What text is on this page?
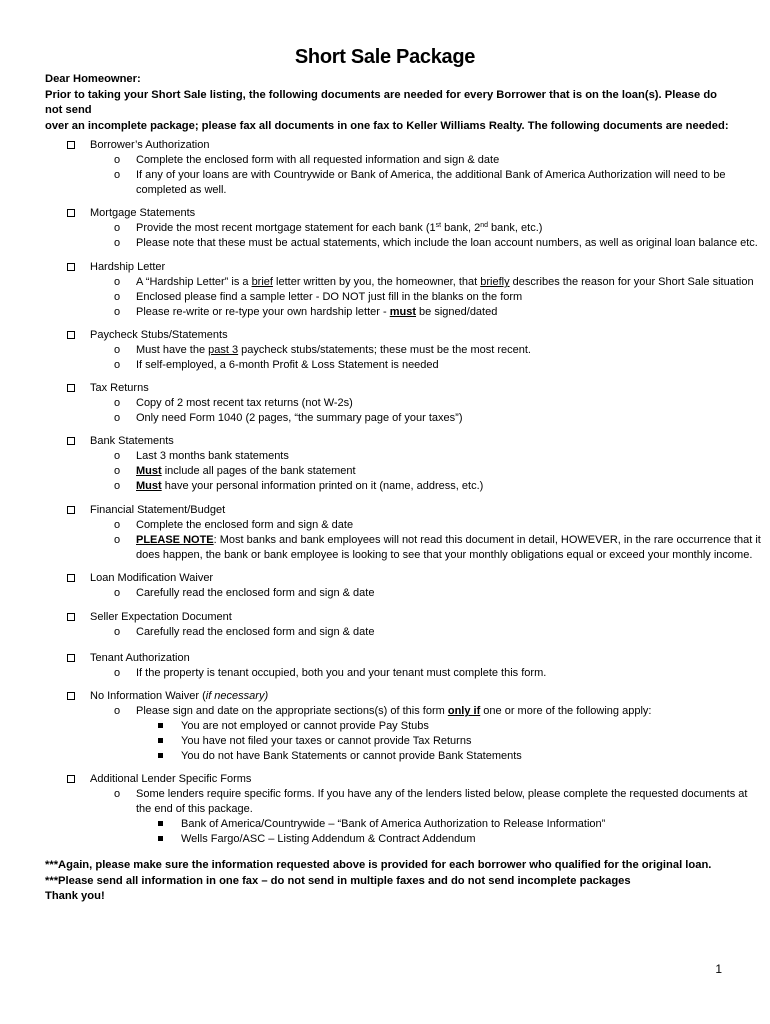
Short Sale Package
Dear Homeowner:
Prior to taking your Short Sale listing, the following documents are needed for every Borrower that is on the loan(s). Please do not send
over an incomplete package; please fax all documents in one fax to Keller Williams Realty. The following documents are needed:
Borrower’s Authorization
o Complete the enclosed form with all requested information and sign & date
o If any of your loans are with Countrywide or Bank of America, the additional Bank of America Authorization will need to be
completed as well.
Mortgage Statements
o Provide the most recent mortgage statement for each bank (1st bank, 2nd bank, etc.)
o Please note that these must be actual statements, which include the loan account numbers, as well as original loan balance etc.
Hardship Letter
o A “Hardship Letter” is a brief letter written by you, the homeowner, that briefly describes the reason for your Short Sale situation
o Enclosed please find a sample letter - DO NOT just fill in the blanks on the form
o Please re-write or re-type your own hardship letter - must be signed/dated
Paycheck Stubs/Statements
o Must have the past 3 paycheck stubs/statements; these must be the most recent.
o If self-employed, a 6-month Profit & Loss Statement is needed
Tax Returns
o Copy of 2 most recent tax returns (not W-2s)
o Only need Form 1040 (2 pages, “the summary page of your taxes”)
Bank Statements
o Last 3 months bank statements
o Must include all pages of the bank statement
o Must have your personal information printed on it (name, address, etc.)
Financial Statement/Budget
o Complete the enclosed form and sign & date
o PLEASE NOTE: Most banks and bank employees will not read this document in detail, HOWEVER, in the rare occurrence that it
does happen, the bank or bank employee is looking to see that your monthly obligations equal or exceed your monthly income.
Loan Modification Waiver
o Carefully read the enclosed form and sign & date
Seller Expectation Document
o Carefully read the enclosed form and sign & date
Tenant Authorization
o If the property is tenant occupied, both you and your tenant must complete this form.
No Information Waiver (if necessary)
o Please sign and date on the appropriate sections(s) of this form only if one or more of the following apply:
You are not employed or cannot provide Pay Stubs
You have not filed your taxes or cannot provide Tax Returns
You do not have Bank Statements or cannot provide Bank Statements
Additional Lender Specific Forms
o Some lenders require specific forms. If you have any of the lenders listed below, please complete the requested documents at
the end of this package.
Bank of America/Countrywide – “Bank of America Authorization to Release Information”
Wells Fargo/ASC – Listing Addendum & Contract Addendum
***Again, please make sure the information requested above is provided for each borrower who qualified for the original loan.
***Please send all information in one fax – do not send in multiple faxes and do not send incomplete packages
Thank you!
1
